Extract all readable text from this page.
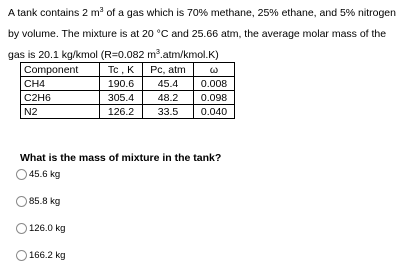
A tank contains 2 $m^3$ of a gas which is 70% methane, 25% ethane, and 5% nitrogen

by volume. The mixture is at 20 °C and 25.66 atm, the average molar mass of the

gas is 20.1 kg/kmol (R=0.082 $m^3.atm/kmol.K$)

Component	Tc , K	Pc, atm	ω
CH4	190.6	45.4	0.008
C2H6	305.4	48.2	0.098
N2	126.2	33.5	0.040

What is the mass of mixture in the tank?

45.6 kg
85.8 kg
126.0 kg
166.2 kg
